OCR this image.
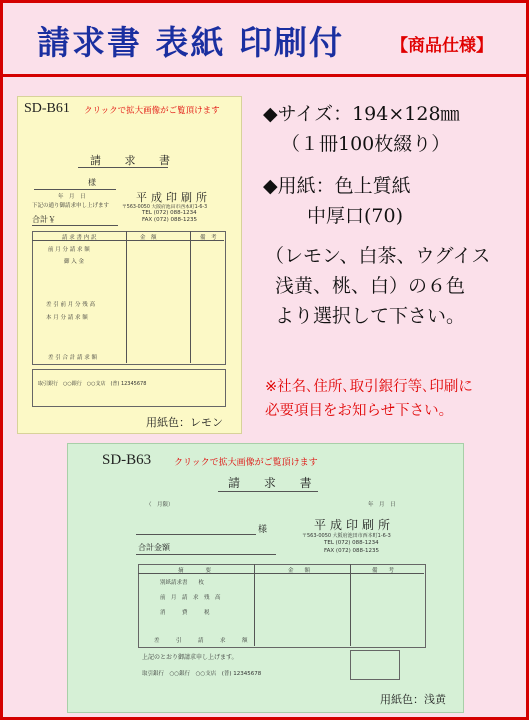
請求書 表紙 印刷付	【商品仕様】
SD-B61 クリックで拡大画像がご覧頂けます
請 求 書
様
年　月　日
下記の通り御請求申し上げます
平成印刷所
〒563-0050 大阪府池田市西本町1-6-3
TEL (072) 088-1234
FAX (072) 088-1235
合計￥
請 求 書 内 訳	金　額	備　考
前 月 分 請 求 額
御 入 金
差 引 前 月 分 残 高
本 月 分 請 求 額
差 引 合 計 請 求 額
取引銀行　○○銀行　○○支店　(普) 12345678
用紙色：レモン
◆サイズ：194×128㎜
（１冊100枚綴り）
◆用紙：色上質紙
中厚口(70)
（レモン、白茶、ウグイス
浅黄、桃、白）の６色
より選択して下さい。
※社名､住所､取引銀行等､印刷に
必要項目をお知らせ下さい。
SD-B63	クリックで拡大画像がご覧頂けます
請 求 書
（　月限）	年　月　日
様	平成印刷所
〒563-0050 大阪府池田市西本町1-6-3
TEL (072) 088-1234
FAX (072) 088-1235
合計金額
摘　　　　要	金　　額	備　　考
別紙請求書　　枚
前　月　請　求　残　高
消　　　費　　　税
差　　　引　　　請　　　求　　　額
上記のとおり御請求申し上げます。
取引銀行　○○銀行　○○支店　(普) 12345678
用紙色：浅黄
